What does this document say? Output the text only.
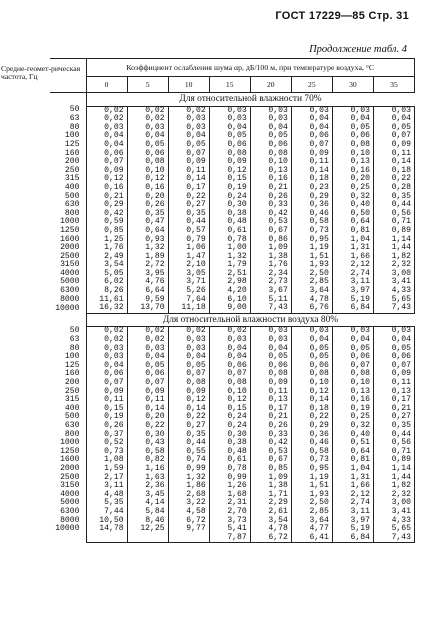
ГОСТ 17229—85 Стр. 31
Продолжение табл. 4
Средне-геомет-рическая частота, Гц	Коэффициент ослабления шума αр, дБ/100 м, при температуре воздуха, °С							
	0	5	10	15	20	25	30	35
	Для относительной влажности 70%							
50	0,02	0,02	0,02	0,03	0,03	0,03	0,03	0,03
63	0,02	0,02	0,03	0,03	0,03	0,04	0,04	0,04
80	0,03	0,03	0,03	0,04	0,04	0,04	0,05	0,05
100	0,04	0,04	0,04	0,05	0,05	0,06	0,06	0,07
125	0,04	0,05	0,05	0,06	0,06	0,07	0,08	0,09
160	0,06	0,06	0,07	0,08	0,08	0,09	0,10	0,11
200	0,07	0,08	0,09	0,09	0,10	0,11	0,13	0,14
250	0,09	0,10	0,11	0,12	0,13	0,14	0,16	0,18
315	0,12	0,12	0,14	0,15	0,16	0,18	0,20	0,22
400	0,16	0,16	0,17	0,19	0,21	0,23	0,25	0,28
500	0,21	0,20	0,22	0,24	0,26	0,29	0,32	0,35
630	0,29	0,26	0,27	0,30	0,33	0,36	0,40	0,44
800	0,42	0,35	0,35	0,38	0,42	0,46	0,50	0,56
1000	0,59	0,47	0,44	0,48	0,53	0,58	0,64	0,71
1250	0,85	0,64	0,57	0,61	0,67	0,73	0,81	0,89
1600	1,25	0,93	0,79	0,78	0,86	0,95	1,04	1,14
2000	1,76	1,32	1,06	1,00	1,09	1,19	1,31	1,44
2500	2,49	1,89	1,47	1,32	1,38	1,51	1,66	1,82
3150	3,54	2,72	2,10	1,79	1,76	1,93	2,12	2,32
4000	5,05	3,95	3,05	2,51	2,34	2,50	2,74	3,00
5000	6,02	4,76	3,71	2,98	2,73	2,85	3,11	3,41
6300	8,26	6,64	5,26	4,20	3,67	3,64	3,97	4,33
8000	11,61	9,59	7,64	6,10	5,11	4,78	5,19	5,65
10000	16,32	13,70	11,18	9,00	7,43	6,76	6,84	7,43
	Для относительной влажности воздуха 80%							
50	0,02	0,02	0,02	0,02	0,03	0,03	0,03	0,03
63	0,02	0,02	0,03	0,03	0,03	0,04	0,04	0,04
80	0,03	0,03	0,03	0,04	0,04	0,05	0,05	0,05
100	0,03	0,04	0,04	0,04	0,05	0,05	0,06	0,06
125	0,04	0,05	0,05	0,06	0,06	0,06	0,07	0,07
160	0,06	0,06	0,07	0,07	0,08	0,08	0,08	0,09
200	0,07	0,07	0,08	0,08	0,09	0,10	0,10	0,11
250	0,09	0,09	0,09	0,10	0,11	0,12	0,13	0,13
315	0,11	0,11	0,12	0,12	0,13	0,14	0,16	0,17
400	0,15	0,14	0,14	0,15	0,17	0,18	0,19	0,21
500	0,19	0,20	0,22	0,24	0,21	0,22	0,25	0,27
630	0,26	0,22	0,27	0,24	0,26	0,29	0,32	0,35
800	0,37	0,30	0,35	0,30	0,33	0,36	0,40	0,44
1000	0,52	0,43	0,44	0,38	0,42	0,46	0,51	0,56
1250	0,73	0,58	0,55	0,48	0,53	0,58	0,64	0,71
1600	1,08	0,82	0,74	0,61	0,67	0,73	0,81	0,89
2000	1,59	1,16	0,99	0,78	0,85	0,95	1,04	1,14
2500	2,17	1,63	1,32	0,99	1,09	1,19	1,31	1,44
3150	3,11	2,36	1,86	1,26	1,38	1,51	1,66	1,82
4000	4,48	3,45	2,68	1,68	1,71	1,93	2,12	2,32
5000	5,35	4,14	3,22	2,31	2,29	2,50	2,74	3,00
6300	7,44	5,84	4,58	2,70	2,61	2,85	3,11	3,41
8000	10,50	8,46	6,72	3,73	3,54	3,64	3,97	4,33
10000	14,78	12,25	9,77	5,41	4,78	4,77	5,19	5,65
				7,87	6,72	6,41	6,84	7,43
